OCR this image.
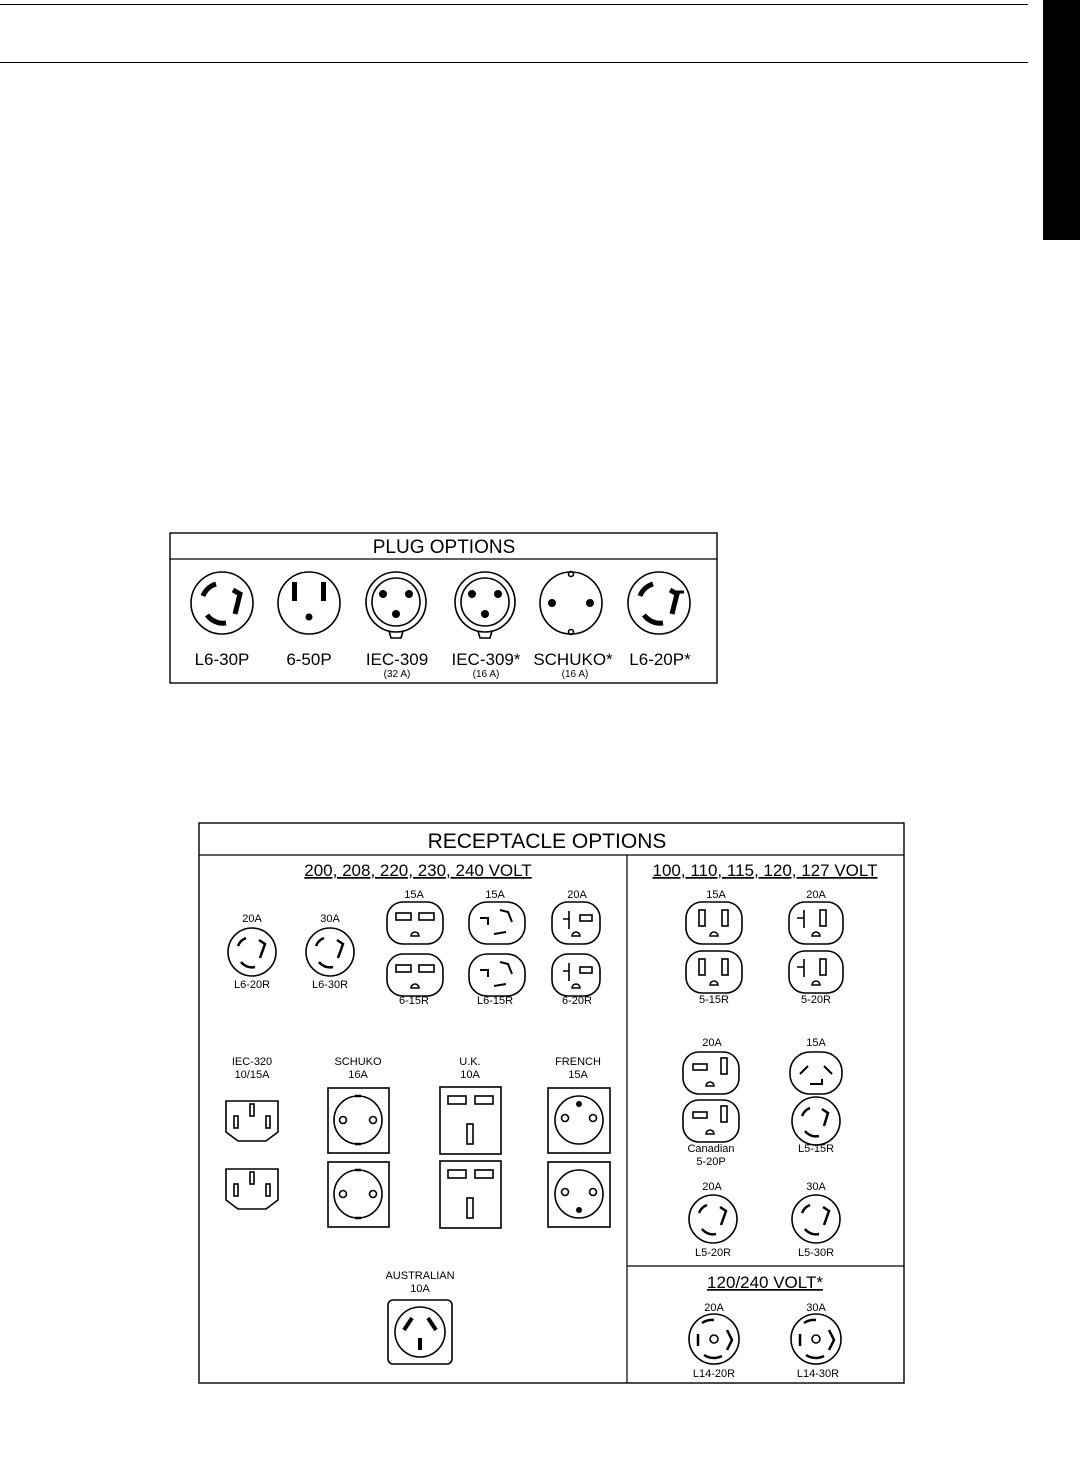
PLUG OPTIONS
L6-30P 6-50P IEC-309
(32 A)
IEC-309*
(16 A)
SCHUKO*
(16 A)
L6-20P*
RECEPTACLE OPTIONS
200, 208, 220, 230, 240 VOLT	100, 110, 115, 120, 127 VOLT
120/240 VOLT*
20A
L6-20R
30A
L6-30R
15A
6-15R
15A
L6-15R
20A
6-20R
IEC-320
10/15A
SCHUKO
16A
U.K.
10A
FRENCH
15A
AUSTRALIAN
10A
15A
5-15R
20A
5-20R
20A
Canadian
5-20P
15A
L5-15R
20A
L5-20R
30A
L5-30R
20A
L14-20R
30A
L14-30R
